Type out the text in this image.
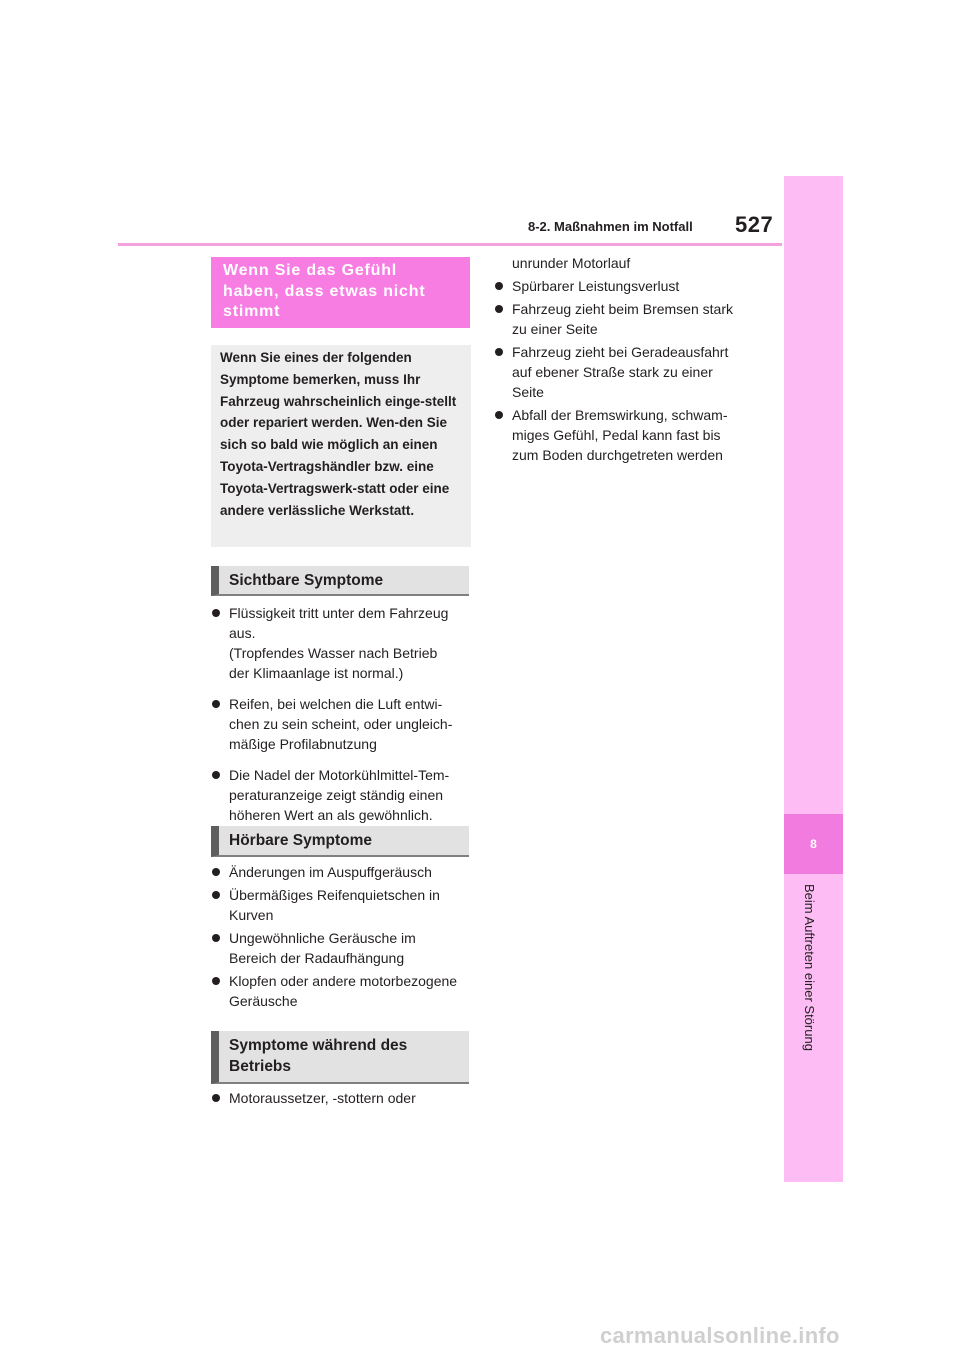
8-2. Maßnahmen im Notfall 527
8
Beim Auftreten einer Störung
Wenn Sie das Gefühl haben, dass etwas nicht stimmt
Wenn Sie eines der folgenden Symptome bemerken, muss Ihr Fahrzeug wahrscheinlich einge-stellt oder repariert werden. Wen-den Sie sich so bald wie möglich an einen Toyota-Vertragshändler bzw. eine Toyota-Vertragswerk-statt oder eine andere verlässliche Werkstatt.
Sichtbare Symptome
Flüssigkeit tritt unter dem Fahrzeug
aus.
(Tropfendes Wasser nach Betrieb
der Klimaanlage ist normal.)
Reifen, bei welchen die Luft entwi-
chen zu sein scheint, oder ungleich-
mäßige Profilabnutzung
Die Nadel der Motorkühlmittel-Tem-
peraturanzeige zeigt ständig einen
höheren Wert an als gewöhnlich.
Hörbare Symptome
Änderungen im Auspuffgeräusch
Übermäßiges Reifenquietschen in
Kurven
Ungewöhnliche Geräusche im
Bereich der Radaufhängung
Klopfen oder andere motorbezogene
Geräusche
Symptome während des Betriebs
Motoraussetzer, -stottern oder
unrunder Motorlauf
Spürbarer Leistungsverlust
Fahrzeug zieht beim Bremsen stark
zu einer Seite
Fahrzeug zieht bei Geradeausfahrt
auf ebener Straße stark zu einer
Seite
Abfall der Bremswirkung, schwam-
miges Gefühl, Pedal kann fast bis
zum Boden durchgetreten werden
carmanualsonline.info
